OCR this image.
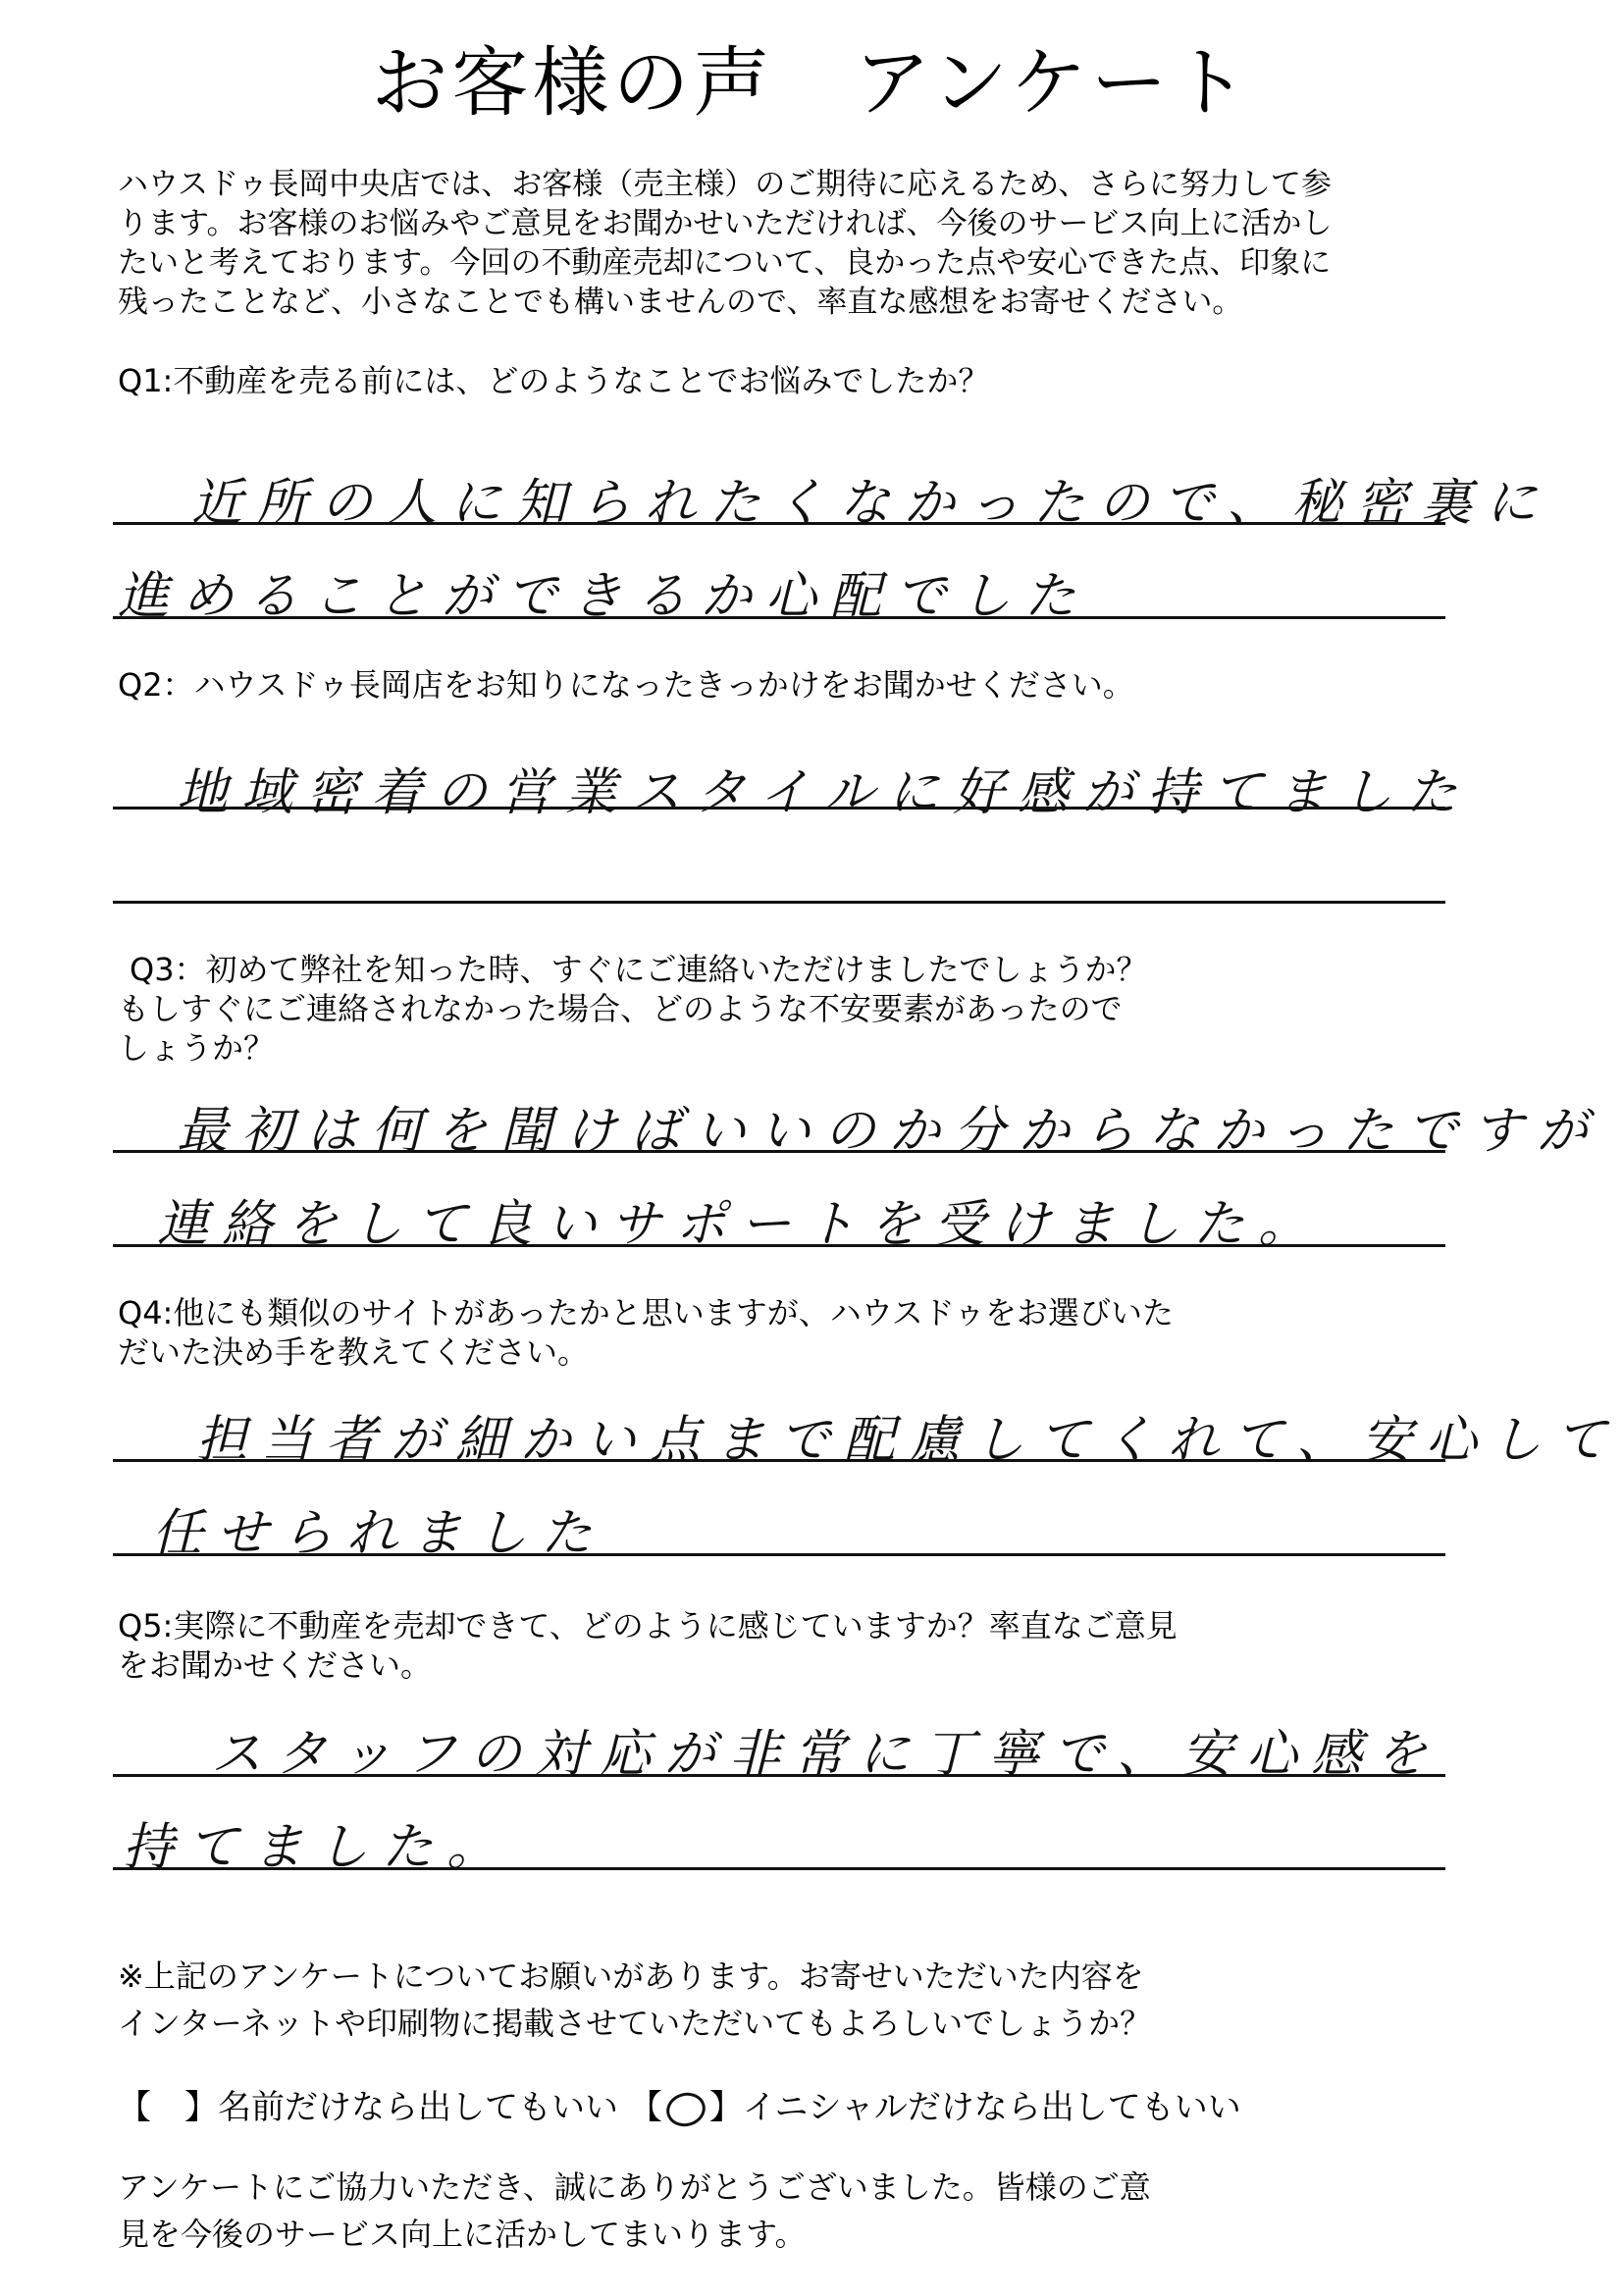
お客様の声　アンケート
ハウスドゥ長岡中央店では、お客様（売主様）のご期待に応えるため、さらに努力して参
ります。お客様のお悩みやご意見をお聞かせいただければ、今後のサービス向上に活かし
たいと考えております。今回の不動産売却について、良かった点や安心できた点、印象に
残ったことなど、小さなことでも構いませんので、率直な感想をお寄せください。
Q1:不動産を売る前には、どのようなことでお悩みでしたか？
近所の人に知られたくなかったので、秘密裏に
進めることができるか心配でした
Q2：ハウスドゥ長岡店をお知りになったきっかけをお聞かせください。
地域密着の営業スタイルに好感が持てました
Q3：初めて弊社を知った時、すぐにご連絡いただけましたでしょうか？
もしすぐにご連絡されなかった場合、どのような不安要素があったので
しょうか？
最初は何を聞けばいいのか分からなかったですが
連絡をして良いサポートを受けました。
Q4:他にも類似のサイトがあったかと思いますが、ハウスドゥをお選びいた
だいた決め手を教えてください。
担当者が細かい点まで配慮してくれて、安心して
任せられました
Q5:実際に不動産を売却できて、どのように感じていますか？率直なご意見
をお聞かせください。
スタッフの対応が非常に丁寧で、安心感を
持てました。
※上記のアンケートについてお願いがあります。お寄せいただいた内容を
インターネットや印刷物に掲載させていただいてもよろしいでしょうか？
【 】名前だけなら出してもいい 【 】イニシャルだけなら出してもいい
アンケートにご協力いただき、誠にありがとうございました。皆様のご意
見を今後のサービス向上に活かしてまいります。
